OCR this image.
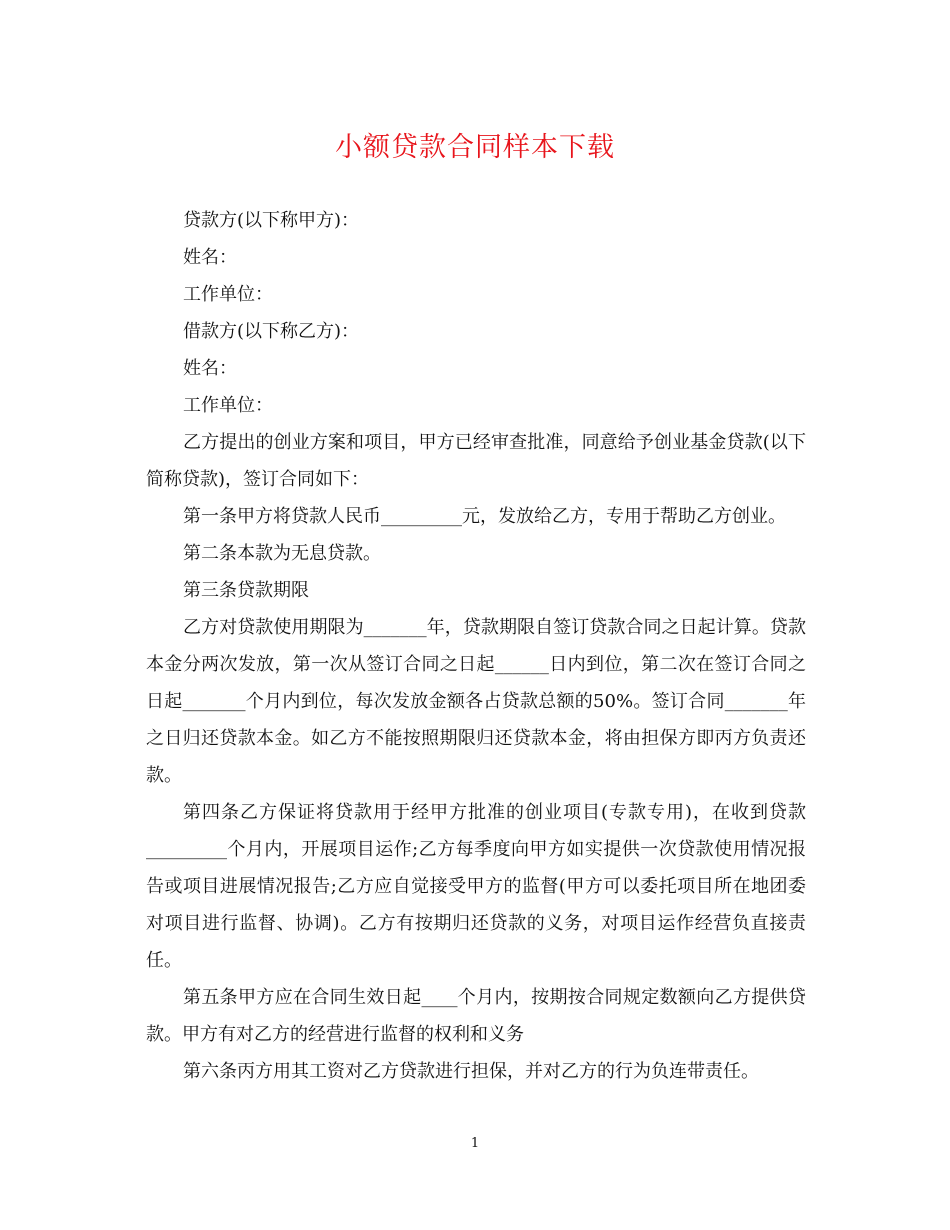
小额贷款合同样本下载

贷款方(以下称甲方)：

姓名：

工作单位：

借款方(以下称乙方)：

姓名：

工作单位：

乙方提出的创业方案和项目，甲方已经审查批准，同意给予创业基金贷款(以下简称贷款)，签订合同如下：

第一条甲方将贷款人民币_________元，发放给乙方，专用于帮助乙方创业。

第二条本款为无息贷款。

第三条贷款期限

乙方对贷款使用期限为_______年，贷款期限自签订贷款合同之日起计算。贷款本金分两次发放，第一次从签订合同之日起______日内到位，第二次在签订合同之日起_______个月内到位，每次发放金额各占贷款总额的50%。签订合同_______年之日归还贷款本金。如乙方不能按照期限归还贷款本金，将由担保方即丙方负责还款。

第四条乙方保证将贷款用于经甲方批准的创业项目(专款专用)，在收到贷款_________个月内，开展项目运作;乙方每季度向甲方如实提供一次贷款使用情况报告或项目进展情况报告;乙方应自觉接受甲方的监督(甲方可以委托项目所在地团委对项目进行监督、协调)。乙方有按期归还贷款的义务，对项目运作经营负直接责任。

第五条甲方应在合同生效日起____个月内，按期按合同规定数额向乙方提供贷款。甲方有对乙方的经营进行监督的权利和义务

第六条丙方用其工资对乙方贷款进行担保，并对乙方的行为负连带责任。

1
